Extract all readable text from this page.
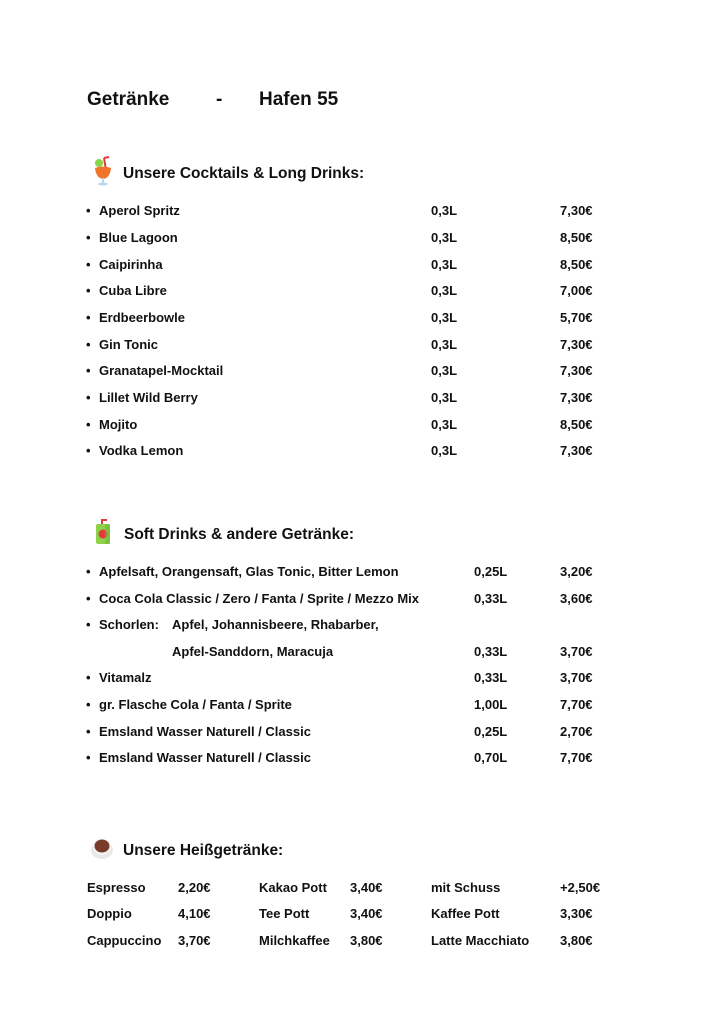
Getränke - Hafen 55
Unsere Cocktails & Long Drinks:
• Aperol Spritz	0,3L	7,30€
• Blue Lagoon	0,3L	8,50€
• Caipirinha	0,3L	8,50€
• Cuba Libre	0,3L	7,00€
• Erdbeerbowle	0,3L	5,70€
• Gin Tonic	0,3L	7,30€
• Granatapel-Mocktail	0,3L	7,30€
• Lillet Wild Berry	0,3L	7,30€
• Mojito	0,3L	8,50€
• Vodka Lemon	0,3L	7,30€
Soft Drinks & andere Getränke:
• Apfelsaft, Orangensaft, Glas Tonic, Bitter Lemon	0,25L	3,20€
• Coca Cola Classic / Zero / Fanta / Sprite / Mezzo Mix	0,33L	3,60€
• Schorlen: Apfel, Johannisbeere, Rhabarber,
Apfel-Sanddorn, Maracuja	0,33L	3,70€
• Vitamalz	0,33L	3,70€
• gr. Flasche Cola / Fanta / Sprite	1,00L	7,70€
• Emsland Wasser Naturell / Classic	0,25L	2,70€
• Emsland Wasser Naturell / Classic	0,70L	7,70€
Unsere Heißgetränke:
Espresso 2,20€	Kakao Pott 3,40€	mit Schuss	+2,50€
Doppio	4,10€	Tee Pott	3,40€	Kaffee Pott	3,30€
Cappuccino 3,70€	Milchkaffee 3,80€	Latte Macchiato 3,80€
